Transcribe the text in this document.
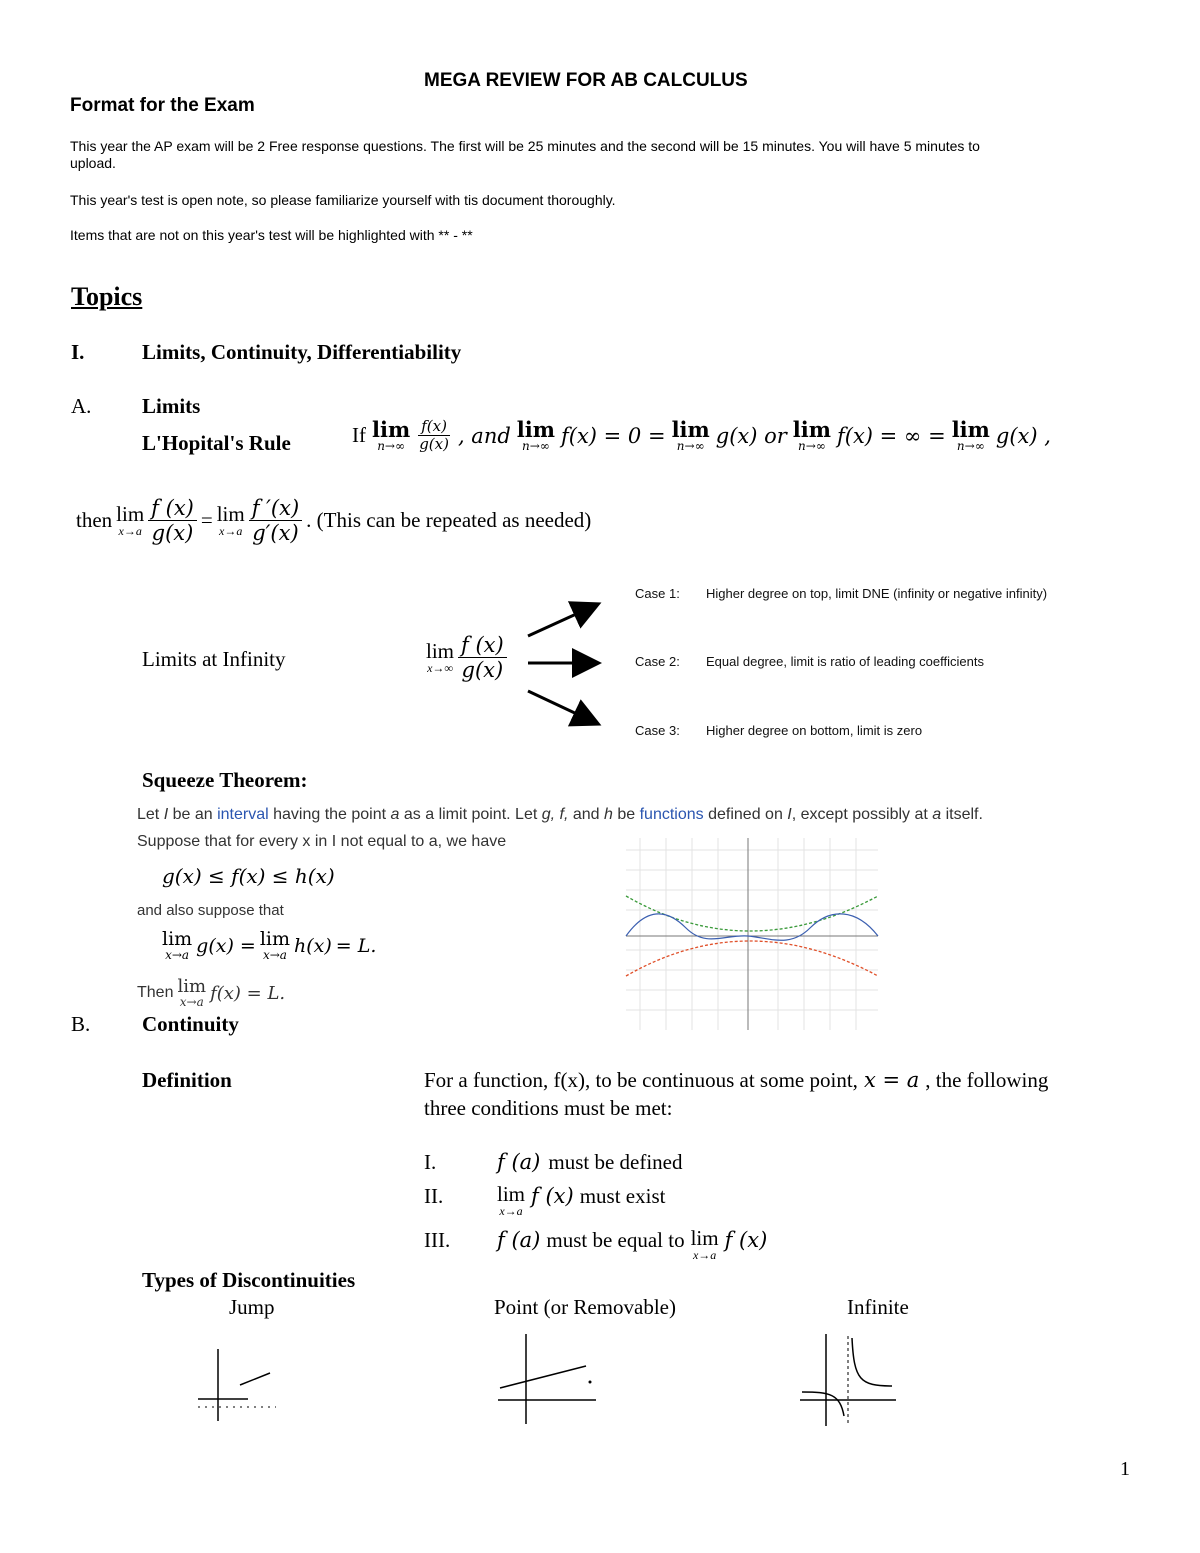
MEGA REVIEW FOR AB CALCULUS
Format for the Exam
This year the AP exam will be 2 Free response questions. The first will be 25 minutes and the second will be 15 minutes. You will have 5 minutes to
upload.
This year's test is open note, so please familiarize yourself with tis document thoroughly.
Items that are not on this year's test will be highlighted with ** - **
Topics
I.	Limits, Continuity, Differentiability
A. Limits
L'Hopital's Rule	If lim
$n\to\infty \frac{f(x)}{g(x)}$ , and lim
n→∞ f(x) = 0 = lim
n→∞ g(x) or lim
n→∞ f(x) = ∞ = lim
n→∞ g(x) ,
then lim
$x\to a \frac{f (x)}{g(x)} = \lim$
$x\to a \frac{f '(x)}{g'(x)}$ . (This can be repeated as needed)
Limits at Infinity	lim
$x\to\infty \frac{f (x)}{g(x)}$
Case 1: Higher degree on top, limit DNE (infinity or negative infinity)
Case 2: Equal degree, limit is ratio of leading coefficients
Case 3: Higher degree on bottom, limit is zero
Squeeze Theorem:
Let I be an interval having the point a as a limit point. Let g, f, and h be functions defined on I, except possibly at a itself.
Suppose that for every x in I not equal to a, we have
g(x) ≤ f(x) ≤ h(x)
and also suppose that
lim
x→a g(x) = lim
x→a h(x) = L.
Then lim
x→a f(x) = L.
B. Continuity
Definition	For a function, f(x), to be continuous at some point, x = a , the following
three conditions must be met:
I.	f (a) must be defined
II.	lim
x→a
f (x) must exist
III. f (a) must be equal to lim
x→a
f (x)
Types of Discontinuities
Jump	Point (or Removable)	Infinite
1
